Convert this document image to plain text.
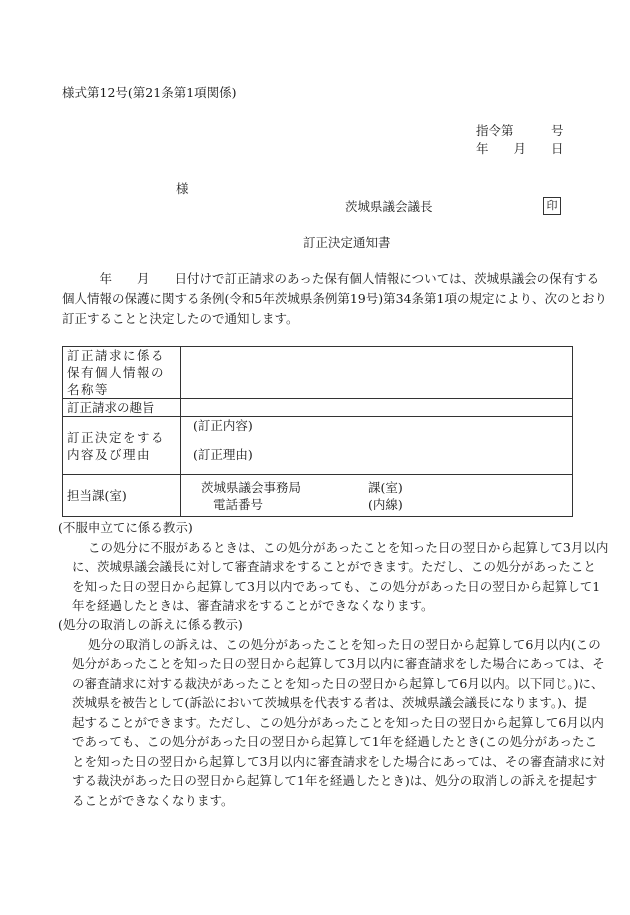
様式第12号(第21条第1項関係)
指令第　　　号
年　　月　　日
様
茨城県議会議長	印
訂正決定通知書
　　　年　　月　　日付けで訂正請求のあった保有個人情報については、茨城県議会の保有する
個人情報の保護に関する条例(令和5年茨城県条例第19号)第34条第1項の規定により、次のとおり
訂正することと決定したので通知します。
訂正請求に係る保有個人情報の名称等	
訂正請求の趣旨	
訂正決定をする内容及び理由	(訂正内容)
(訂正理由)

担当課(室)	茨城県議会事務局 課(室)
電話番号 (内線)
(不服申立てに係る教示)
この処分に不服があるときは、この処分があったことを知った日の翌日から起算して3月以内
に、茨城県議会議長に対して審査請求をすることができます。ただし、この処分があったこと
を知った日の翌日から起算して3月以内であっても、この処分があった日の翌日から起算して1
年を経過したときは、審査請求をすることができなくなります。
(処分の取消しの訴えに係る教示)
処分の取消しの訴えは、この処分があったことを知った日の翌日から起算して6月以内(この
処分があったことを知った日の翌日から起算して3月以内に審査請求をした場合にあっては、そ
の審査請求に対する裁決があったことを知った日の翌日から起算して6月以内。以下同じ。)に、
茨城県を被告として(訴訟において茨城県を代表する者は、茨城県議会議長になります。)、提
起することができます。ただし、この処分があったことを知った日の翌日から起算して6月以内
であっても、この処分があった日の翌日から起算して1年を経過したとき(この処分があったこ
とを知った日の翌日から起算して3月以内に審査請求をした場合にあっては、その審査請求に対
する裁決があった日の翌日から起算して1年を経過したとき)は、処分の取消しの訴えを提起す
ることができなくなります。
